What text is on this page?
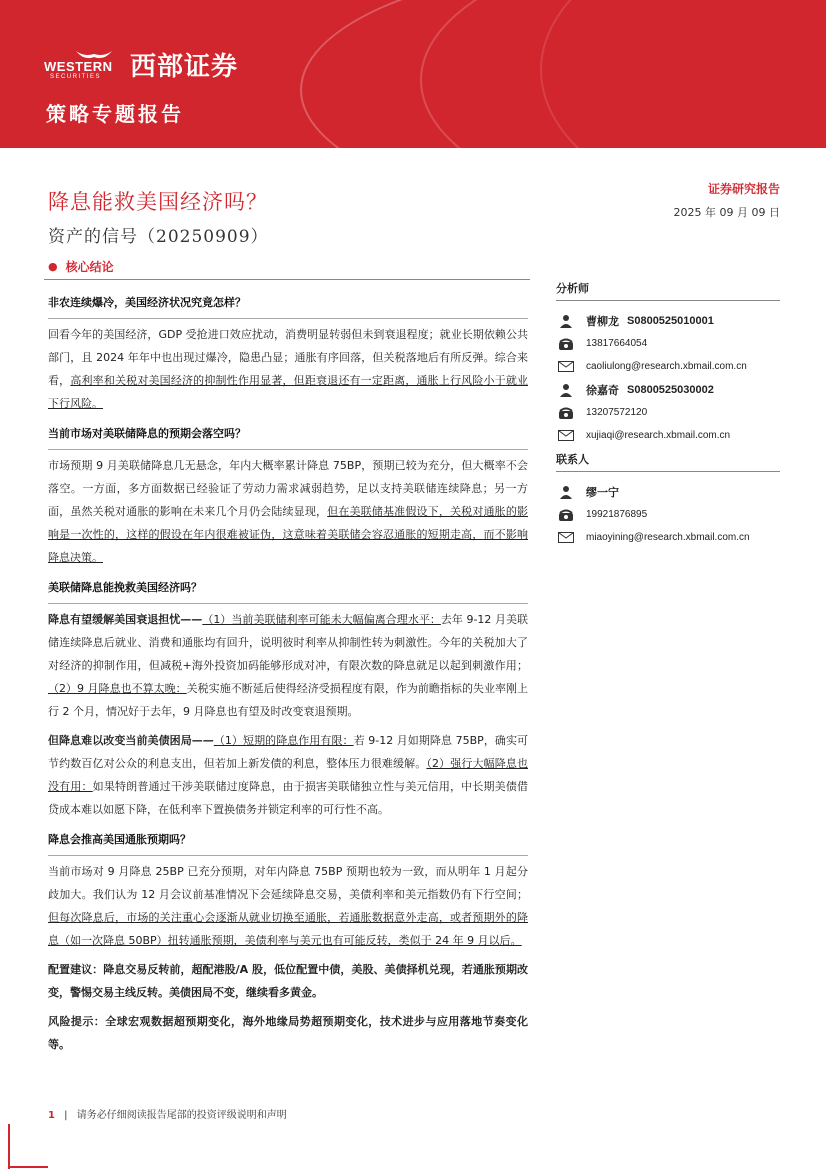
WESTERN
SECURITIES 西部证券
策略专题报告
降息能救美国经济吗？
资产的信号（20250909）
证券研究报告
2025 年 09 月 09 日
● 核心结论
非农连续爆冷，美国经济状况究竟怎样？
回看今年的美国经济，GDP 受抢进口效应扰动，消费明显转弱但未到衰退程度；就业长期依赖公共部门，且 2024 年年中也出现过爆冷，隐患凸显；通胀有序回落，但关税落地后有所反弹。综合来看，高利率和关税对美国经济的抑制性作用显著，但距衰退还有一定距离，通胀上行风险小于就业下行风险。
当前市场对美联储降息的预期会落空吗？
市场预期 9 月美联储降息几无悬念，年内大概率累计降息 75BP，预期已较为充分，但大概率不会落空。一方面，多方面数据已经验证了劳动力需求减弱趋势，足以支持美联储连续降息；另一方面，虽然关税对通胀的影响在未来几个月仍会陆续显现，但在美联储基准假设下，关税对通胀的影响是一次性的，这样的假设在年内很难被证伪，这意味着美联储会容忍通胀的短期走高，而不影响降息决策。
美联储降息能挽救美国经济吗？
降息有望缓解美国衰退担忧——（1）当前美联储利率可能未大幅偏离合理水平：去年 9-12 月美联储连续降息后就业、消费和通胀均有回升，说明彼时利率从抑制性转为刺激性。今年的关税加大了对经济的抑制作用，但减税+海外投资加码能够形成对冲，有限次数的降息就足以起到刺激作用；（2）9 月降息也不算太晚：关税实施不断延后使得经济受损程度有限，作为前瞻指标的失业率刚上行 2 个月，情况好于去年，9 月降息也有望及时改变衰退预期。
但降息难以改变当前美债困局——（1）短期的降息作用有限：若 9-12 月如期降息 75BP，确实可节约数百亿对公众的利息支出，但若加上新发债的利息，整体压力很难缓解。（2）强行大幅降息也没有用：如果特朗普通过干涉美联储过度降息，由于损害美联储独立性与美元信用，中长期美债借贷成本难以如愿下降，在低利率下置换债务并锁定利率的可行性不高。
降息会推高美国通胀预期吗？
当前市场对 9 月降息 25BP 已充分预期，对年内降息 75BP 预期也较为一致，而从明年 1 月起分歧加大。我们认为 12 月会议前基准情况下会延续降息交易，美债利率和美元指数仍有下行空间；但每次降息后，市场的关注重心会逐渐从就业切换至通胀，若通胀数据意外走高，或者预期外的降息（如一次降息 50BP）扭转通胀预期，美债利率与美元也有可能反转，类似于 24 年 9 月以后。
配置建议：降息交易反转前，超配港股/A 股，低位配置中债，美股、美债择机兑现，若通胀预期改变，警惕交易主线反转。美债困局不变，继续看多黄金。
风险提示：全球宏观数据超预期变化，海外地缘局势超预期变化，技术进步与应用落地节奏变化等。
分析师
曹柳龙 S0800525010001
13817664054
caoliulong@research.xbmail.com.cn
徐嘉奇 S0800525030002
13207572120
xujiaqi@research.xbmail.com.cn
联系人
缪一宁
19921876895
miaoyining@research.xbmail.com.cn
1 | 请务必仔细阅读报告尾部的投资评级说明和声明
